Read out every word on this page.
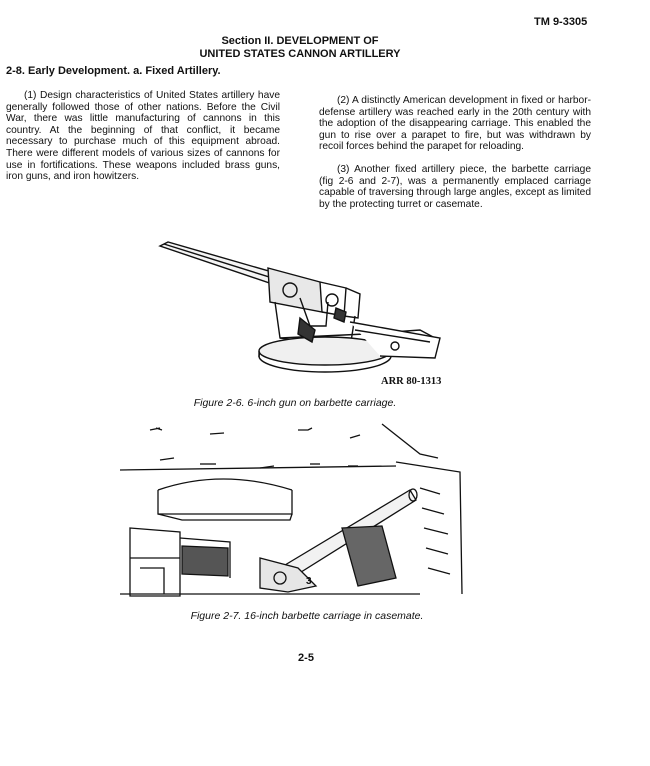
TM 9-3305
Section II. DEVELOPMENT OF
UNITED STATES CANNON ARTILLERY
2-8. Early Development. a. Fixed Artillery.

(1) Design characteristics of United States artillery have generally followed those of other nations. Before the Civil War, there was little manufacturing of cannons in this country. At the beginning of that conflict, it became necessary to purchase much of this equipment abroad. There were different models of various sizes of cannons for use in fortifications. These weapons included brass guns, iron guns, and iron howitzers.

(2) A distinctly American development in fixed or harbor-defense artillery was reached early in the 20th century with the adoption of the disappearing carriage. This enabled the gun to rise over a parapet to fire, but was withdrawn by recoil forces behind the parapet for reloading.

(3) Another fixed artillery piece, the barbette carriage (fig 2-6 and 2-7), was a permanently emplaced carriage capable of traversing through large angles, except as limited by the protecting turret or casemate.

ARR 80-1313
Figure 2-6. 6-inch gun on barbette carriage.
3
Figure 2-7. 16-inch barbette carriage in casemate.
2-5
